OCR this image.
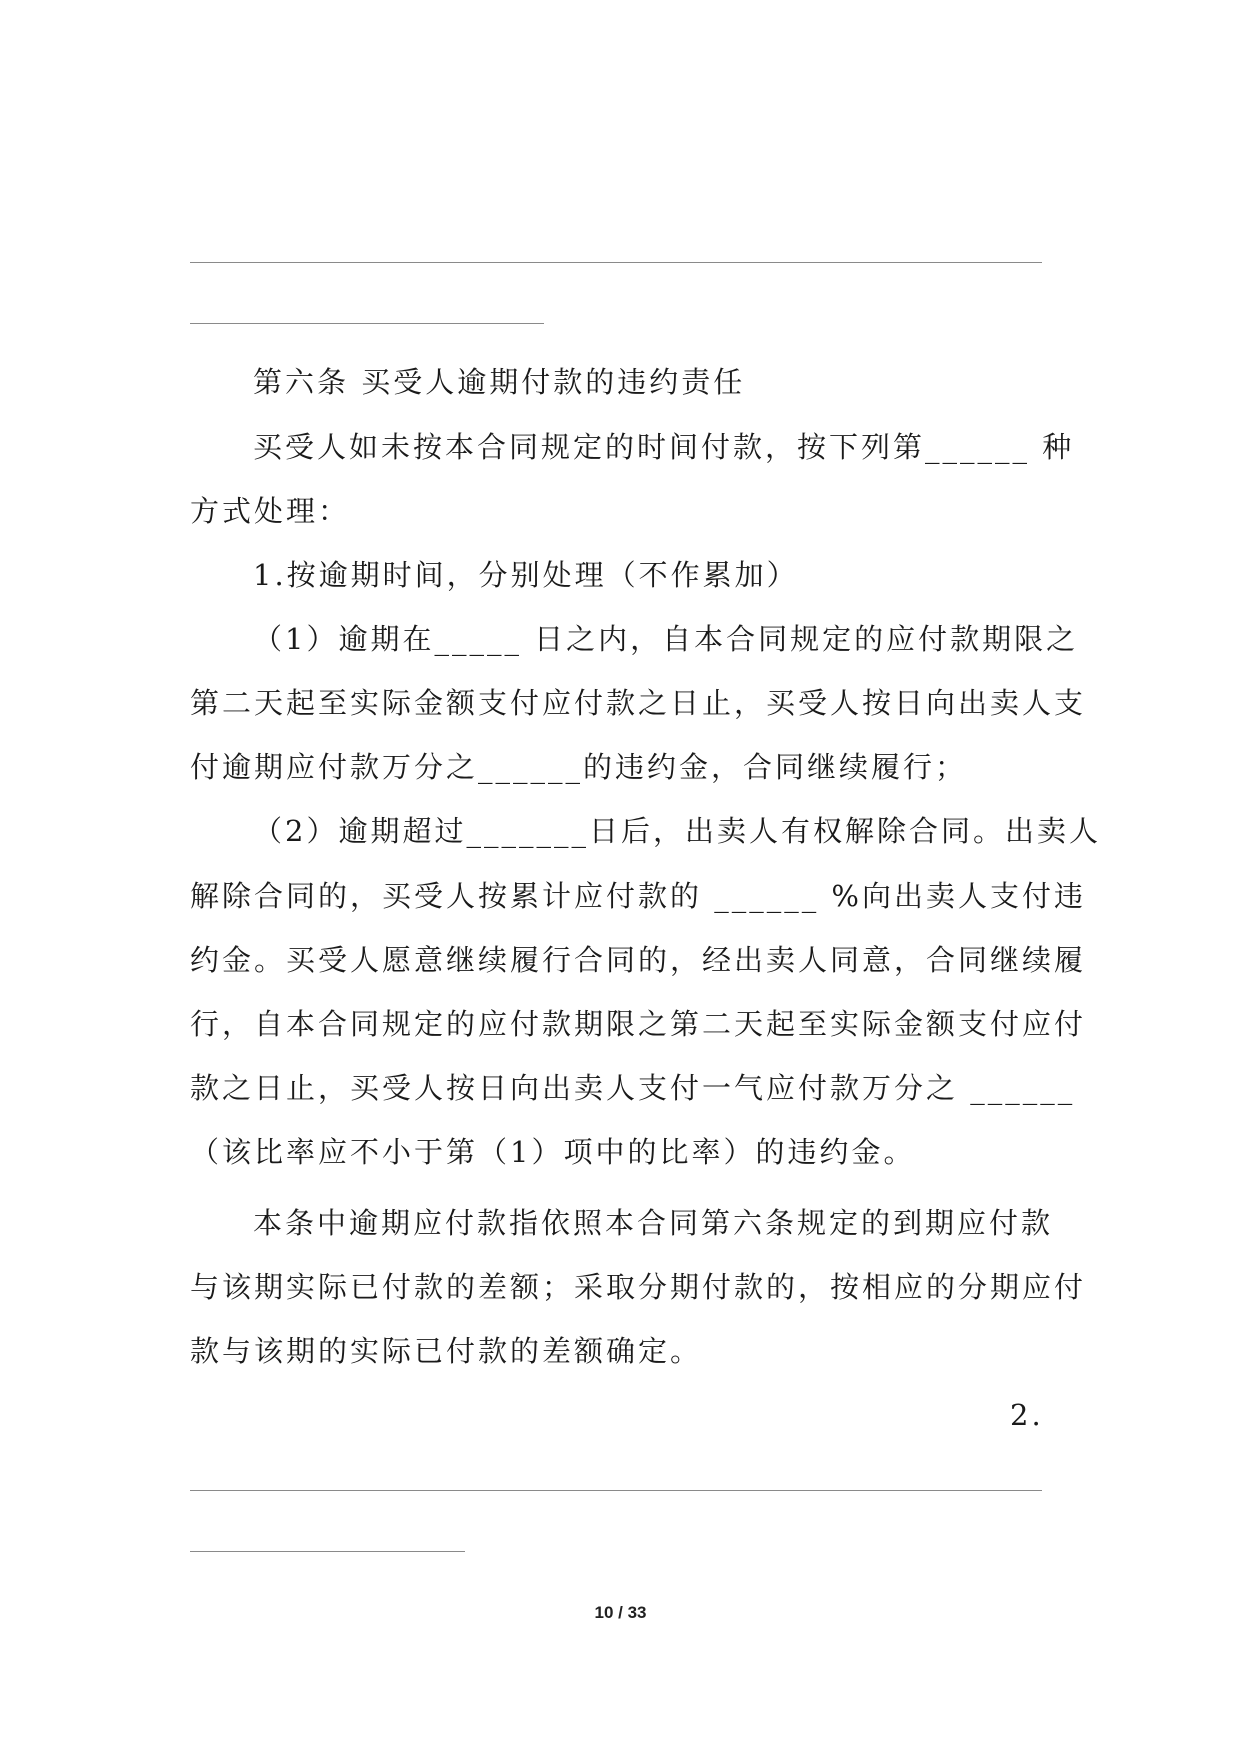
第六条 买受人逾期付款的违约责任
买受人如未按本合同规定的时间付款，按下列第______ 种
方式处理：
1.按逾期时间，分别处理（不作累加）
（1）逾期在_____ 日之内，自本合同规定的应付款期限之
第二天起至实际金额支付应付款之日止，买受人按日向出卖人支
付逾期应付款万分之______的违约金，合同继续履行；
（2）逾期超过_______日后，出卖人有权解除合同。出卖人
解除合同的，买受人按累计应付款的 ______ %向出卖人支付违
约金。买受人愿意继续履行合同的，经出卖人同意，合同继续履
行，自本合同规定的应付款期限之第二天起至实际金额支付应付
款之日止，买受人按日向出卖人支付一气应付款万分之 ______
（该比率应不小于第（1）项中的比率）的违约金。
本条中逾期应付款指依照本合同第六条规定的到期应付款
与该期实际已付款的差额；采取分期付款的，按相应的分期应付
款与该期的实际已付款的差额确定。
2.
10 / 33
